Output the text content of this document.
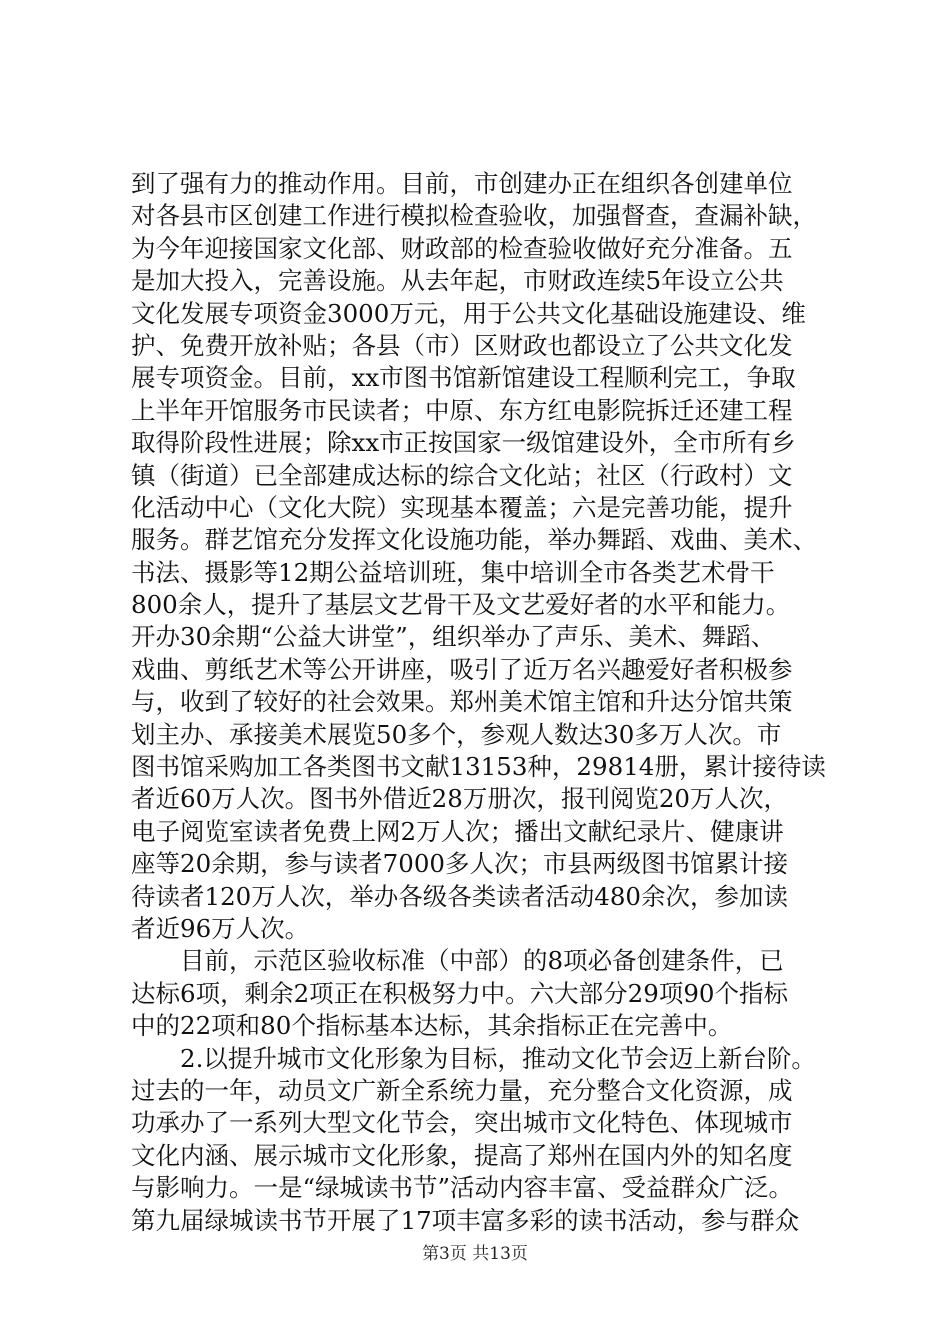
到了强有力的推动作用。目前，市创建办正在组织各创建单位
对各县市区创建工作进行模拟检查验收，加强督查，查漏补缺，
为今年迎接国家文化部、财政部的检查验收做好充分准备。五
是加大投入，完善设施。从去年起，市财政连续5年设立公共
文化发展专项资金3000万元，用于公共文化基础设施建设、维
护、免费开放补贴；各县（市）区财政也都设立了公共文化发
展专项资金。目前，xx市图书馆新馆建设工程顺利完工，争取
上半年开馆服务市民读者；中原、东方红电影院拆迁还建工程
取得阶段性进展；除xx市正按国家一级馆建设外，全市所有乡
镇（街道）已全部建成达标的综合文化站；社区（行政村）文
化活动中心（文化大院）实现基本覆盖；六是完善功能，提升
服务。群艺馆充分发挥文化设施功能，举办舞蹈、戏曲、美术、
书法、摄影等12期公益培训班，集中培训全市各类艺术骨干
800余人，提升了基层文艺骨干及文艺爱好者的水平和能力。
开办30余期“公益大讲堂”，组织举办了声乐、美术、舞蹈、
戏曲、剪纸艺术等公开讲座，吸引了近万名兴趣爱好者积极参
与，收到了较好的社会效果。郑州美术馆主馆和升达分馆共策
划主办、承接美术展览50多个，参观人数达30多万人次。市
图书馆采购加工各类图书文献13153种，29814册，累计接待读
者近60万人次。图书外借近28万册次，报刊阅览20万人次，
电子阅览室读者免费上网2万人次；播出文献纪录片、健康讲
座等20余期，参与读者7000多人次；市县两级图书馆累计接
待读者120万人次，举办各级各类读者活动480余次，参加读
者近96万人次。
目前，示范区验收标准（中部）的8项必备创建条件，已
达标6项，剩余2项正在积极努力中。六大部分29项90个指标
中的22项和80个指标基本达标，其余指标正在完善中。
2.以提升城市文化形象为目标，推动文化节会迈上新台阶。
过去的一年，动员文广新全系统力量，充分整合文化资源，成
功承办了一系列大型文化节会，突出城市文化特色、体现城市
文化内涵、展示城市文化形象，提高了郑州在国内外的知名度
与影响力。一是“绿城读书节”活动内容丰富、受益群众广泛。
第九届绿城读书节开展了17项丰富多彩的读书活动，参与群众
第3页 共13页
